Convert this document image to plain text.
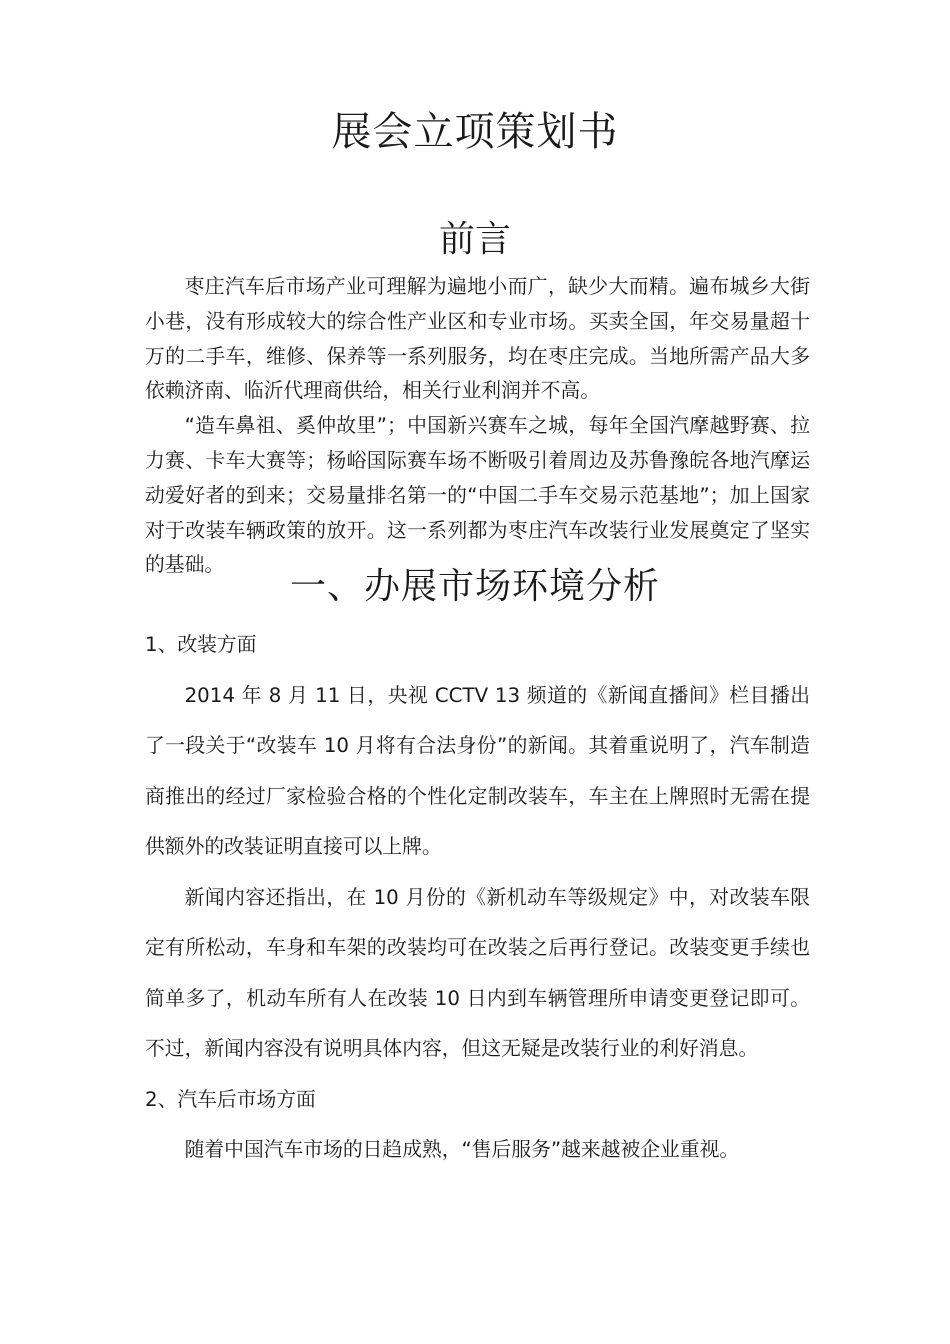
展会立项策划书
前言

枣庄汽车后市场产业可理解为遍地小而广，缺少大而精。遍布城乡大街小巷，没有形成较大的综合性产业区和专业市场。买卖全国，年交易量超十万的二手车，维修、保养等一系列服务，均在枣庄完成。当地所需产品大多依赖济南、临沂代理商供给，相关行业利润并不高。

“造车鼻祖、奚仲故里”；中国新兴赛车之城，每年全国汽摩越野赛、拉力赛、卡车大赛等；杨峪国际赛车场不断吸引着周边及苏鲁豫皖各地汽摩运动爱好者的到来；交易量排名第一的“中国二手车交易示范基地”；加上国家对于改装车辆政策的放开。这一系列都为枣庄汽车改装行业发展奠定了坚实的基础。

一、办展市场环境分析

1、改装方面

2014 年 8 月 11 日，央视 CCTV 13 频道的《新闻直播间》栏目播出了一段关于“改装车 10 月将有合法身份”的新闻。其着重说明了，汽车制造商推出的经过厂家检验合格的个性化定制改装车，车主在上牌照时无需在提供额外的改装证明直接可以上牌。

新闻内容还指出，在 10 月份的《新机动车等级规定》中，对改装车限定有所松动，车身和车架的改装均可在改装之后再行登记。改装变更手续也简单多了，机动车所有人在改装 10 日内到车辆管理所申请变更登记即可。不过，新闻内容没有说明具体内容，但这无疑是改装行业的利好消息。

2、汽车后市场方面

随着中国汽车市场的日趋成熟，“售后服务”越来越被企业重视。
